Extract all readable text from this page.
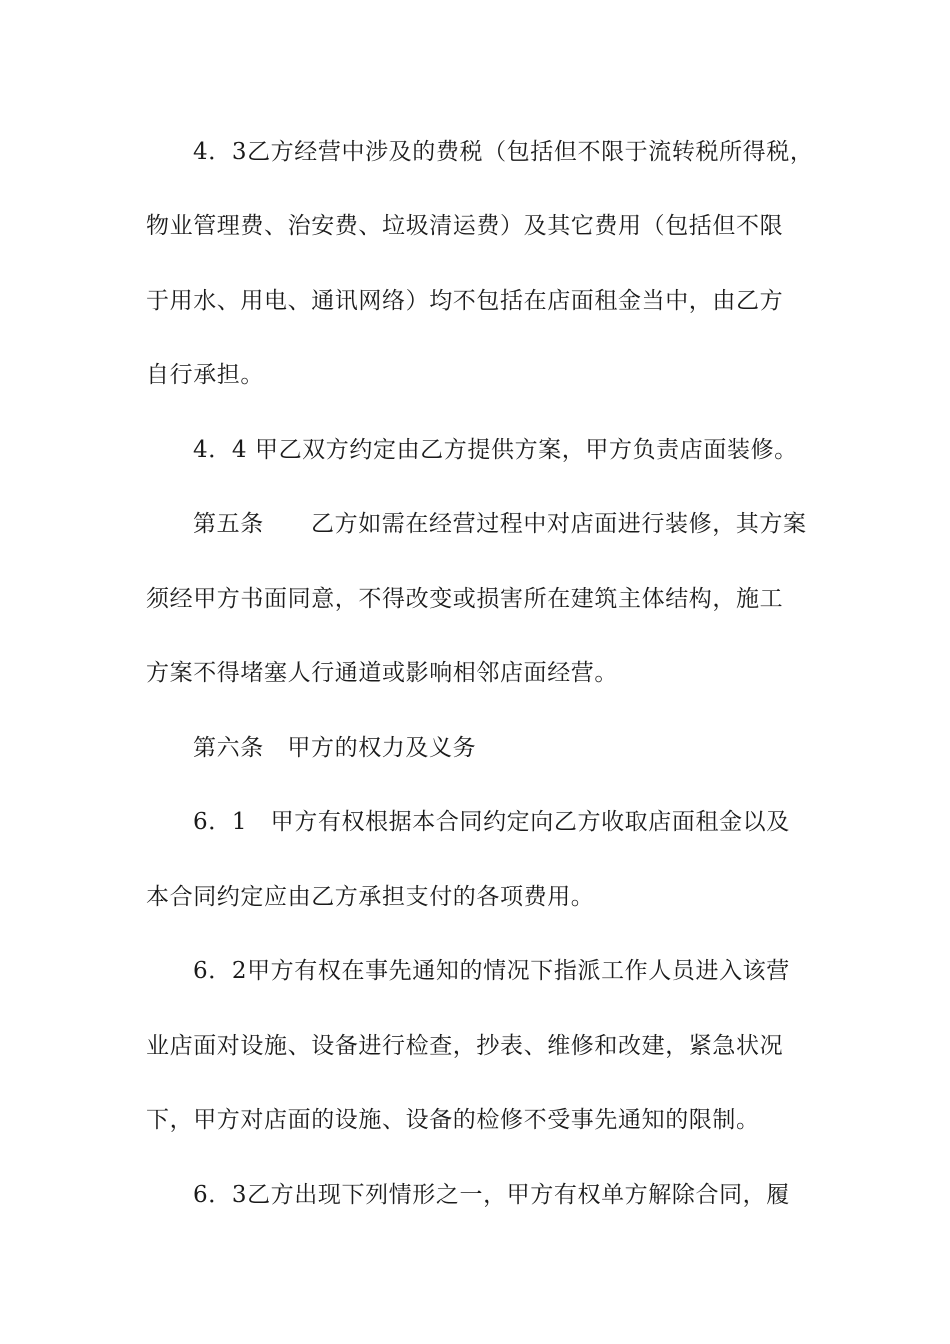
4．3乙方经营中涉及的费税（包括但不限于流转税所得税，
物业管理费、治安费、垃圾清运费）及其它费用（包括但不限
于用水、用电、通讯网络）均不包括在店面租金当中，由乙方
自行承担。
4．4 甲乙双方约定由乙方提供方案，甲方负责店面装修。
第五条　　乙方如需在经营过程中对店面进行装修，其方案
须经甲方书面同意，不得改变或损害所在建筑主体结构，施工
方案不得堵塞人行通道或影响相邻店面经营。
第六条　甲方的权力及义务
6．1　甲方有权根据本合同约定向乙方收取店面租金以及
本合同约定应由乙方承担支付的各项费用。
6．2甲方有权在事先通知的情况下指派工作人员进入该营
业店面对设施、设备进行检查，抄表、维修和改建，紧急状况
下，甲方对店面的设施、设备的检修不受事先通知的限制。
6．3乙方出现下列情形之一，甲方有权单方解除合同，履
